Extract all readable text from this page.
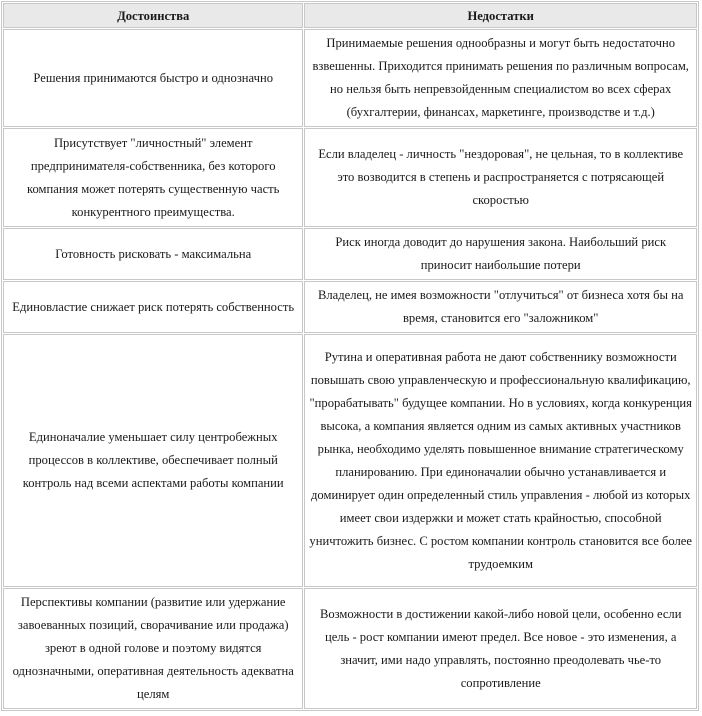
Достоинства	Недостатки
Решения принимаются быстро и однозначно	Принимаемые решения однообразны и могут быть недостаточно взвешенны. Приходится принимать решения по различным вопросам, но нельзя быть непревзойденным специалистом во всех сферах (бухгалтерии, финансах, маркетинге, производстве и т.д.)
Присутствует "личностный" элемент предпринимателя-собственника, без которого компания может потерять существенную часть конкурентного преимущества.	Если владелец - личность "нездоровая", не цельная, то в коллективе это возводится в степень и распространяется с потрясающей скоростью
Готовность рисковать - максимальна	Риск иногда доводит до нарушения закона. Наибольший риск приносит наибольшие потери
Единовластие снижает риск потерять собственность	Владелец, не имея возможности "отлучиться" от бизнеса хотя бы на время, становится его "заложником"
Единоначалие уменьшает силу центробежных процессов в коллективе, обеспечивает полный контроль над всеми аспектами работы компании	Рутина и оперативная работа не дают собственнику возможности повышать свою управленческую и профессиональную квалификацию, "прорабатывать" будущее компании. Но в условиях, когда конкуренция высока, а компания является одним из самых активных участников рынка, необходимо уделять повышенное внимание стратегическому планированию. При единоначалии обычно устанавливается и доминирует один определенный стиль управления - любой из которых имеет свои издержки и может стать крайностью, способной уничтожить бизнес. С ростом компании контроль становится все более трудоемким
Перспективы компании (развитие или удержание завоеванных позиций, сворачивание или продажа) зреют в одной голове и поэтому видятся однозначными, оперативная деятельность адекватна целям	Возможности в достижении какой-либо новой цели, особенно если цель - рост компании имеют предел. Все новое - это изменения, а значит, ими надо управлять, постоянно преодолевать чье-то сопротивление
